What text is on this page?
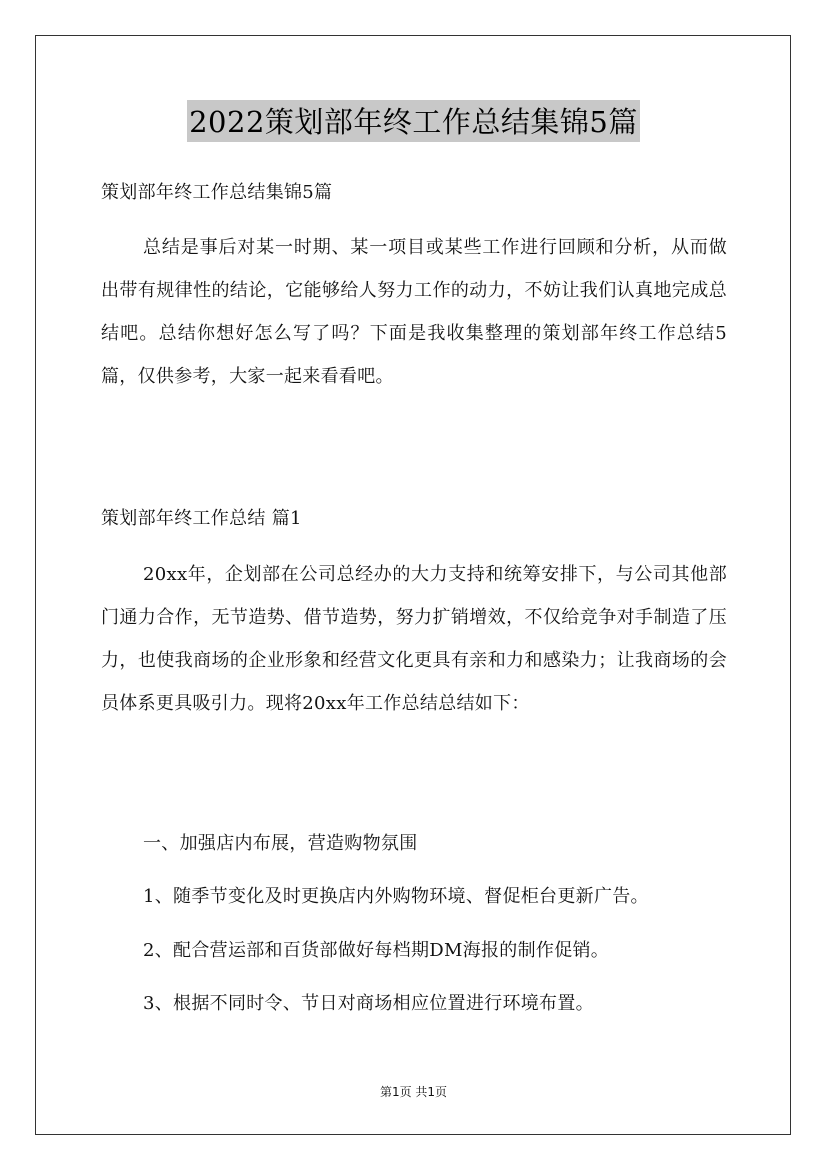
2022策划部年终工作总结集锦5篇

策划部年终工作总结集锦5篇

总结是事后对某一时期、某一项目或某些工作进行回顾和分析，从而做出带有规律性的结论，它能够给人努力工作的动力，不妨让我们认真地完成总结吧。总结你想好怎么写了吗？下面是我收集整理的策划部年终工作总结5篇，仅供参考，大家一起来看看吧。

策划部年终工作总结 篇1

20xx年，企划部在公司总经办的大力支持和统筹安排下，与公司其他部门通力合作，无节造势、借节造势，努力扩销增效，不仅给竞争对手制造了压力，也使我商场的企业形象和经营文化更具有亲和力和感染力；让我商场的会员体系更具吸引力。现将20xx年工作总结总结如下：

一、加强店内布展，营造购物氛围

1、随季节变化及时更换店内外购物环境、督促柜台更新广告。

2、配合营运部和百货部做好每档期DM海报的制作促销。

3、根据不同时令、节日对商场相应位置进行环境布置。

第1页 共1页
